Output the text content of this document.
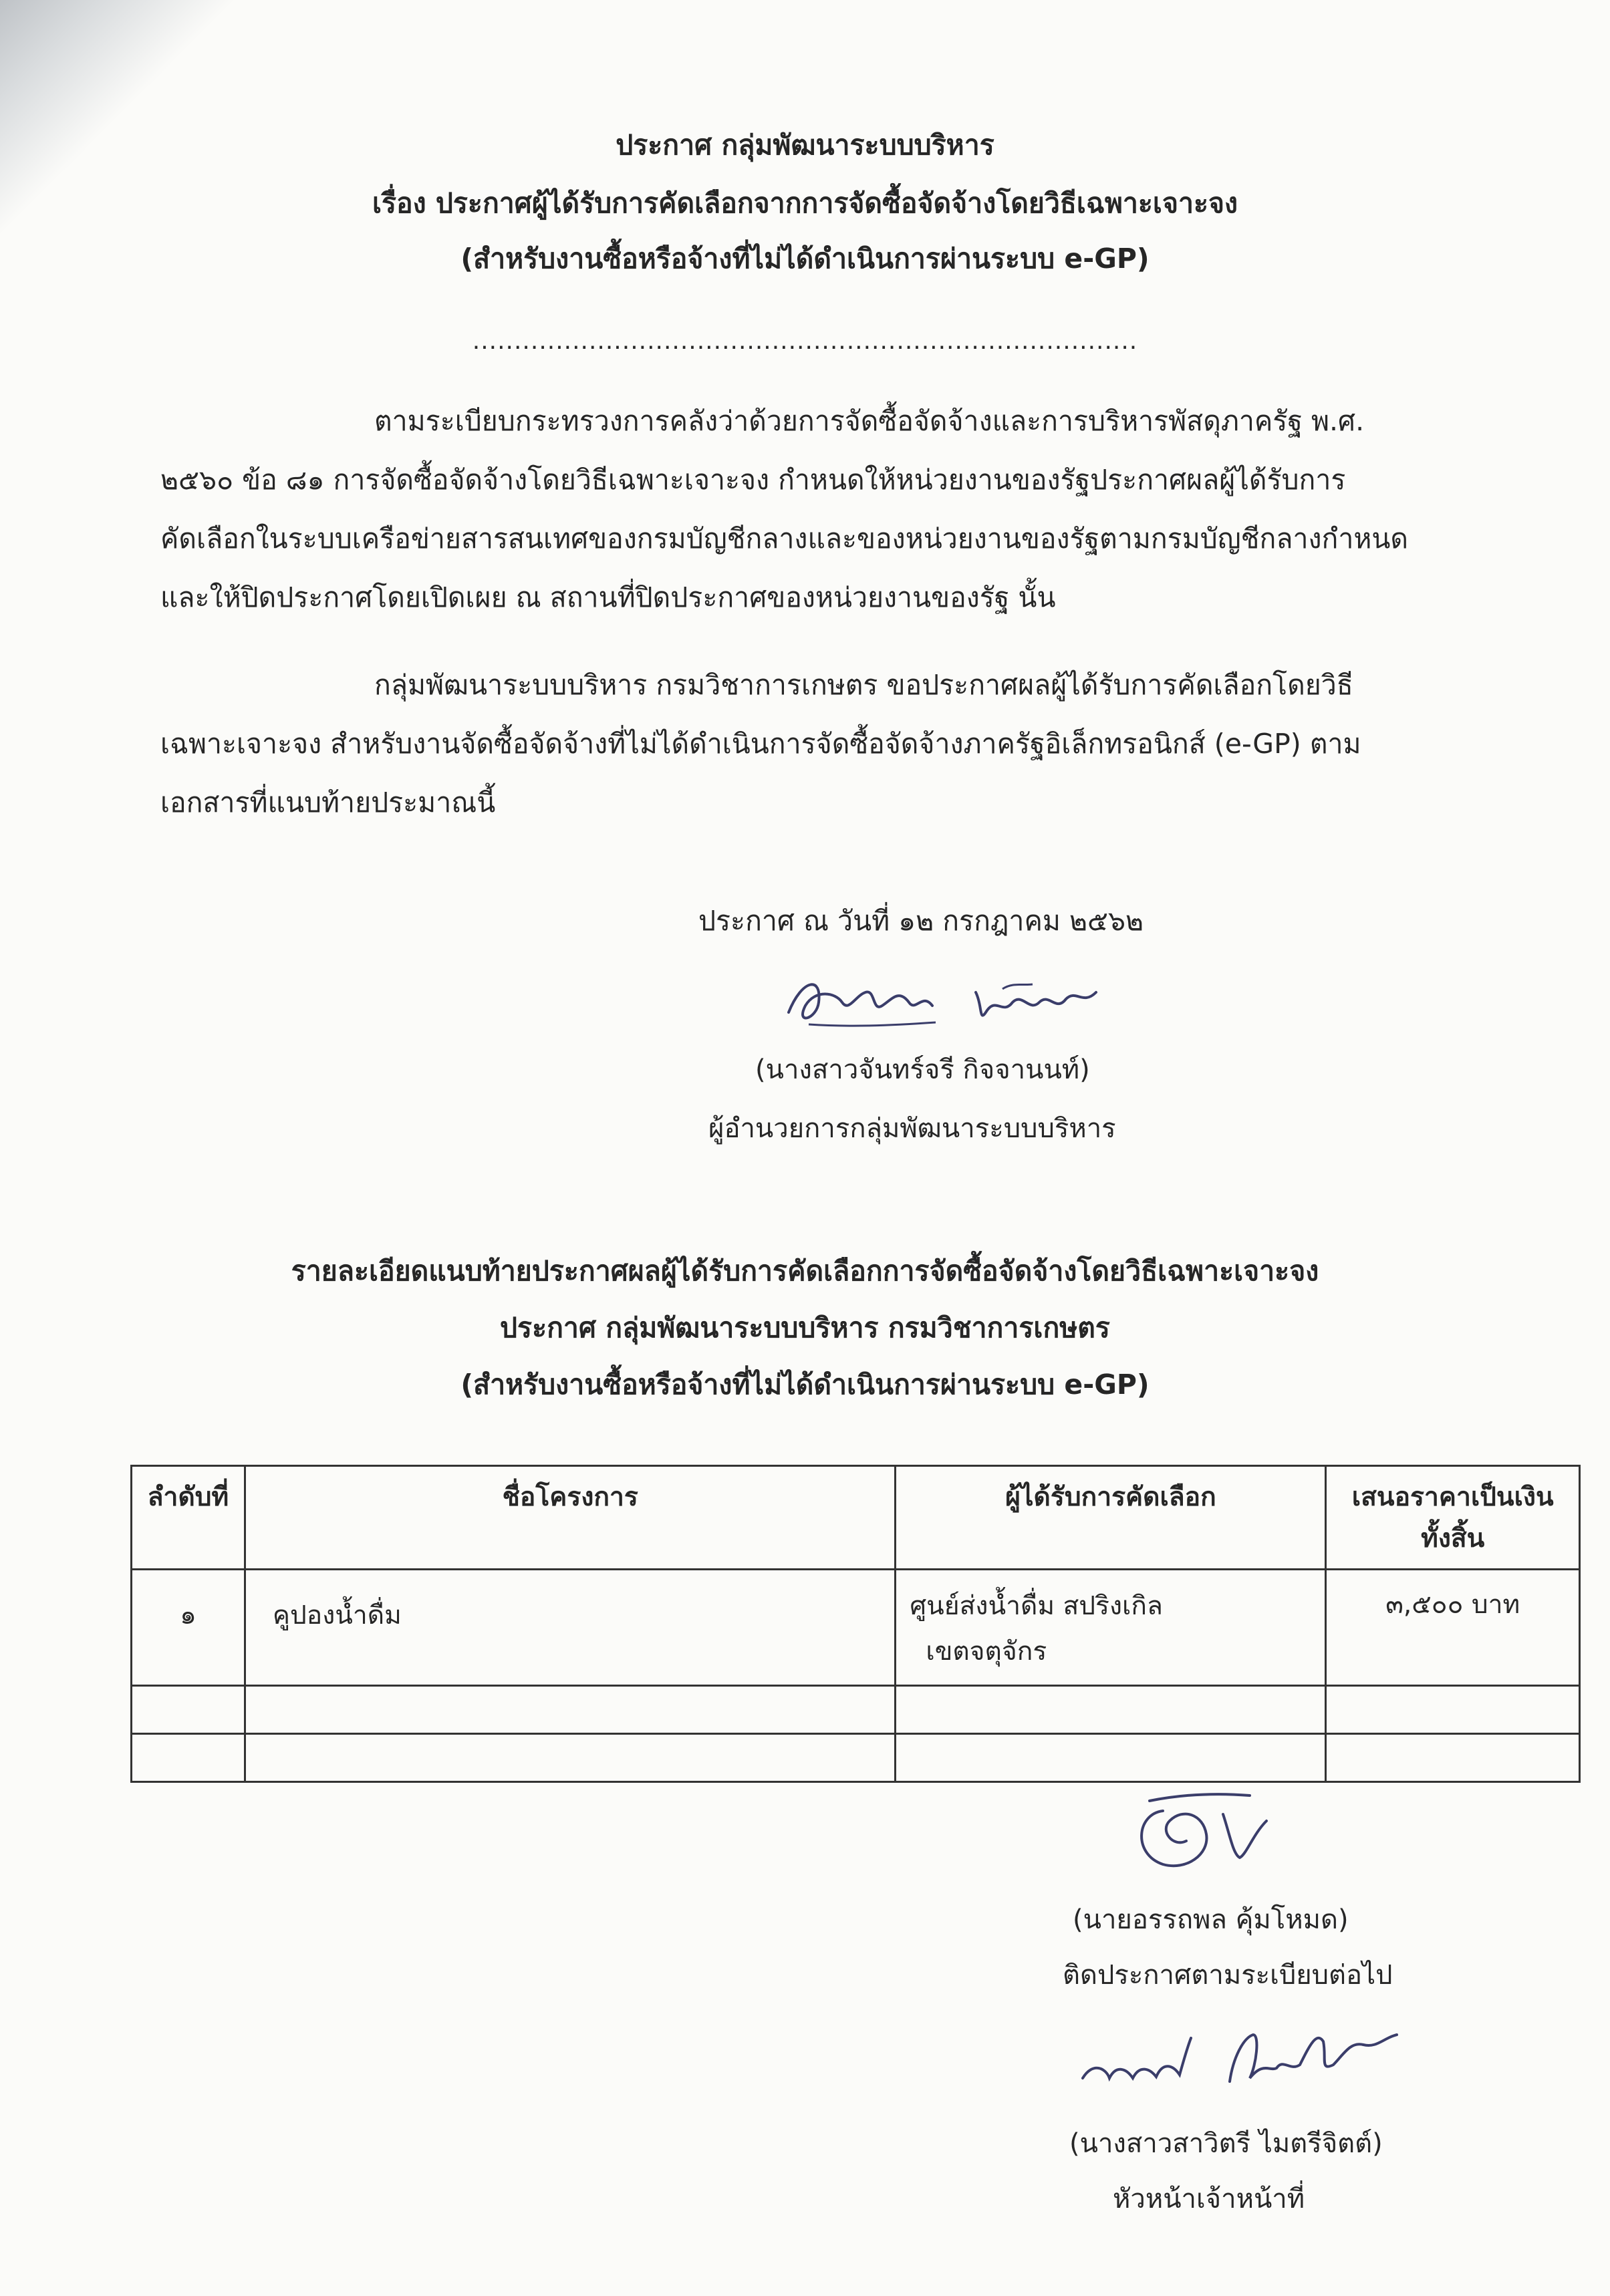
ประกาศ กลุ่มพัฒนาระบบบริหาร
เรื่อง ประกาศผู้ได้รับการคัดเลือกจากการจัดซื้อจัดจ้างโดยวิธีเฉพาะเจาะจง
(สำหรับงานซื้อหรือจ้างที่ไม่ได้ดำเนินการผ่านระบบ e-GP)
................................................................................
ตามระเบียบกระทรวงการคลังว่าด้วยการจัดซื้อจัดจ้างและการบริหารพัสดุภาครัฐ พ.ศ.
๒๕๖๐ ข้อ ๘๑ การจัดซื้อจัดจ้างโดยวิธีเฉพาะเจาะจง กำหนดให้หน่วยงานของรัฐประกาศผลผู้ได้รับการ
คัดเลือกในระบบเครือข่ายสารสนเทศของกรมบัญชีกลางและของหน่วยงานของรัฐตามกรมบัญชีกลางกำหนด
และให้ปิดประกาศโดยเปิดเผย ณ สถานที่ปิดประกาศของหน่วยงานของรัฐ นั้น
กลุ่มพัฒนาระบบบริหาร กรมวิชาการเกษตร ขอประกาศผลผู้ได้รับการคัดเลือกโดยวิธี
เฉพาะเจาะจง สำหรับงานจัดซื้อจัดจ้างที่ไม่ได้ดำเนินการจัดซื้อจัดจ้างภาครัฐอิเล็กทรอนิกส์ (e-GP) ตาม
เอกสารที่แนบท้ายประมาณนี้
ประกาศ ณ วันที่ ๑๒ กรกฎาคม ๒๕๖๒
(นางสาวจันทร์จรี กิจจานนท์)
ผู้อำนวยการกลุ่มพัฒนาระบบบริหาร
รายละเอียดแนบท้ายประกาศผลผู้ได้รับการคัดเลือกการจัดซื้อจัดจ้างโดยวิธีเฉพาะเจาะจง
ประกาศ กลุ่มพัฒนาระบบบริหาร กรมวิชาการเกษตร
(สำหรับงานซื้อหรือจ้างที่ไม่ได้ดำเนินการผ่านระบบ e-GP)
ลำดับที่	ชื่อโครงการ	ผู้ได้รับการคัดเลือก	เสนอราคาเป็นเงิน
ทั้งสิ้น

๑	คูปองน้ำดื่ม	ศูนย์ส่งน้ำดื่ม สปริงเกิล
เขตจตุจักร	๓,๕๐๐ บาท

(นายอรรถพล คุ้มโหมด)
ติดประกาศตามระเบียบต่อไป
(นางสาวสาวิตรี ไมตรีจิตต์)
หัวหน้าเจ้าหน้าที่
